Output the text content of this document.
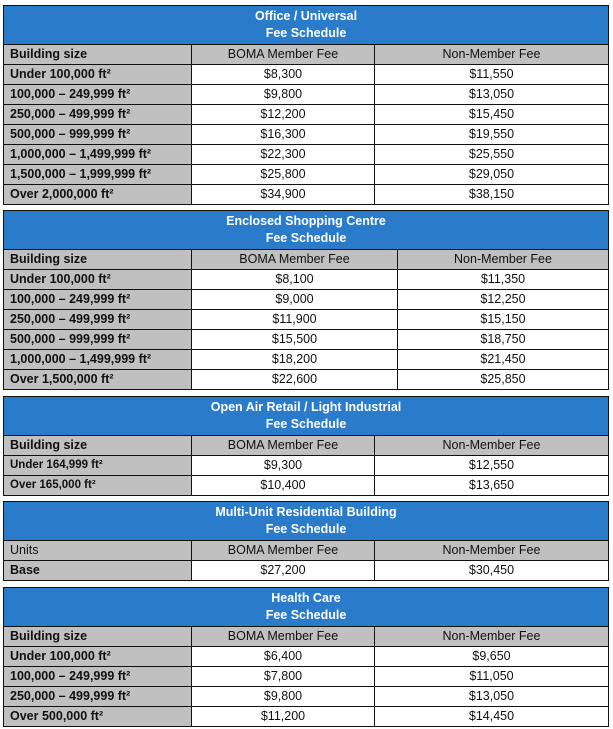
Office / Universal
Fee Schedule		

Building size	BOMA Member Fee	Non-Member Fee
Under 100,000 ft²	$8,300	$11,550
100,000 – 249,999 ft²	$9,800	$13,050
250,000 – 499,999 ft²	$12,200	$15,450
500,000 – 999,999 ft²	$16,300	$19,550
1,000,000 – 1,499,999 ft²	$22,300	$25,550
1,500,000 – 1,999,999 ft²	$25,800	$29,050
Over 2,000,000 ft²	$34,900	$38,150
Enclosed Shopping Centre
Fee Schedule		

Building size	BOMA Member Fee	Non-Member Fee
Under 100,000 ft²	$8,100	$11,350
100,000 – 249,999 ft²	$9,000	$12,250
250,000 – 499,999 ft²	$11,900	$15,150
500,000 – 999,999 ft²	$15,500	$18,750
1,000,000 – 1,499,999 ft²	$18,200	$21,450
Over 1,500,000 ft²	$22,600	$25,850
Open Air Retail / Light Industrial
Fee Schedule		

Building size	BOMA Member Fee	Non-Member Fee
Under 164,999 ft²	$9,300	$12,550
Over 165,000 ft²	$10,400	$13,650
Multi-Unit Residential Building
Fee Schedule		

Units	BOMA Member Fee	Non-Member Fee
Base	$27,200	$30,450
Health Care
Fee Schedule		

Building size	BOMA Member Fee	Non-Member Fee
Under 100,000 ft²	$6,400	$9,650
100,000 – 249,999 ft²	$7,800	$11,050
250,000 – 499,999 ft²	$9,800	$13,050
Over 500,000 ft²	$11,200	$14,450
